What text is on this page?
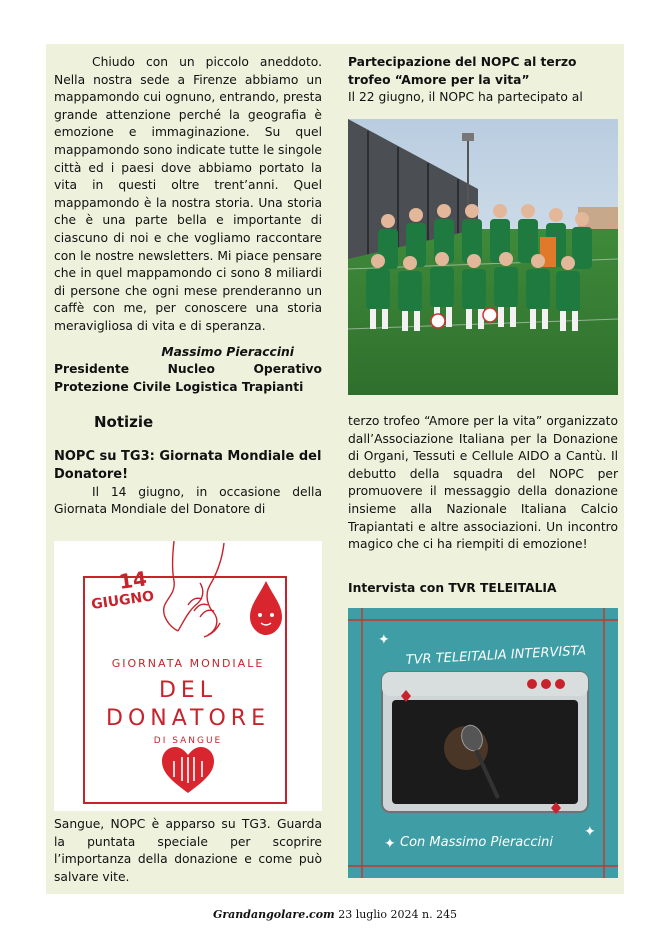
Chiudo con un piccolo aneddoto. Nella nostra sede a Firenze abbiamo un mappamondo cui ognuno, entrando, presta grande attenzione perché la geografia è emozione e immaginazione. Su quel mappamondo sono indicate tutte le singole città ed i paesi dove abbiamo portato la vita in questi oltre trent’anni. Quel mappamondo è la nostra storia. Una storia che è una parte bella e importante di ciascuno di noi e che vogliamo raccontare con le nostre newsletters. Mi piace pensare che in quel mappamondo ci sono 8 miliardi di persone che ogni mese prenderanno un caffè con me, per conoscere una storia meravigliosa di vita e di speranza.
Massimo Pieraccini
Presidente Nucleo Operativo Protezione Civile Logistica Trapianti
Notizie
NOPC su TG3: Giornata Mondiale del Donatore!
Il 14 giugno, in occasione della Giornata Mondiale del Donatore di
14
GIUGNO
GIORNATA MONDIALE
DEL
DONATORE
DI SANGUE
Sangue, NOPC è apparso su TG3. Guarda la puntata speciale per scoprire l’importanza della donazione e come può salvare vite.
Partecipazione del NOPC al terzo trofeo “Amore per la vita”
Il 22 giugno, il NOPC ha partecipato al
terzo trofeo “Amore per la vita” organizzato dall’Associazione Italiana per la Donazione di Organi, Tessuti e Cellule AIDO a Cantù. Il debutto della squadra del NOPC per promuovere il messaggio della donazione insieme alla Nazionale Italiana Calcio Trapiantati e altre associazioni. Un incontro magico che ci ha riempiti di emozione!
Intervista con TVR TELEITALIA
✦
✦
✦
TVR TELEITALIA INTERVISTA
Con Massimo Pieraccini
Grandangolare.com 23 luglio 2024 n. 245
